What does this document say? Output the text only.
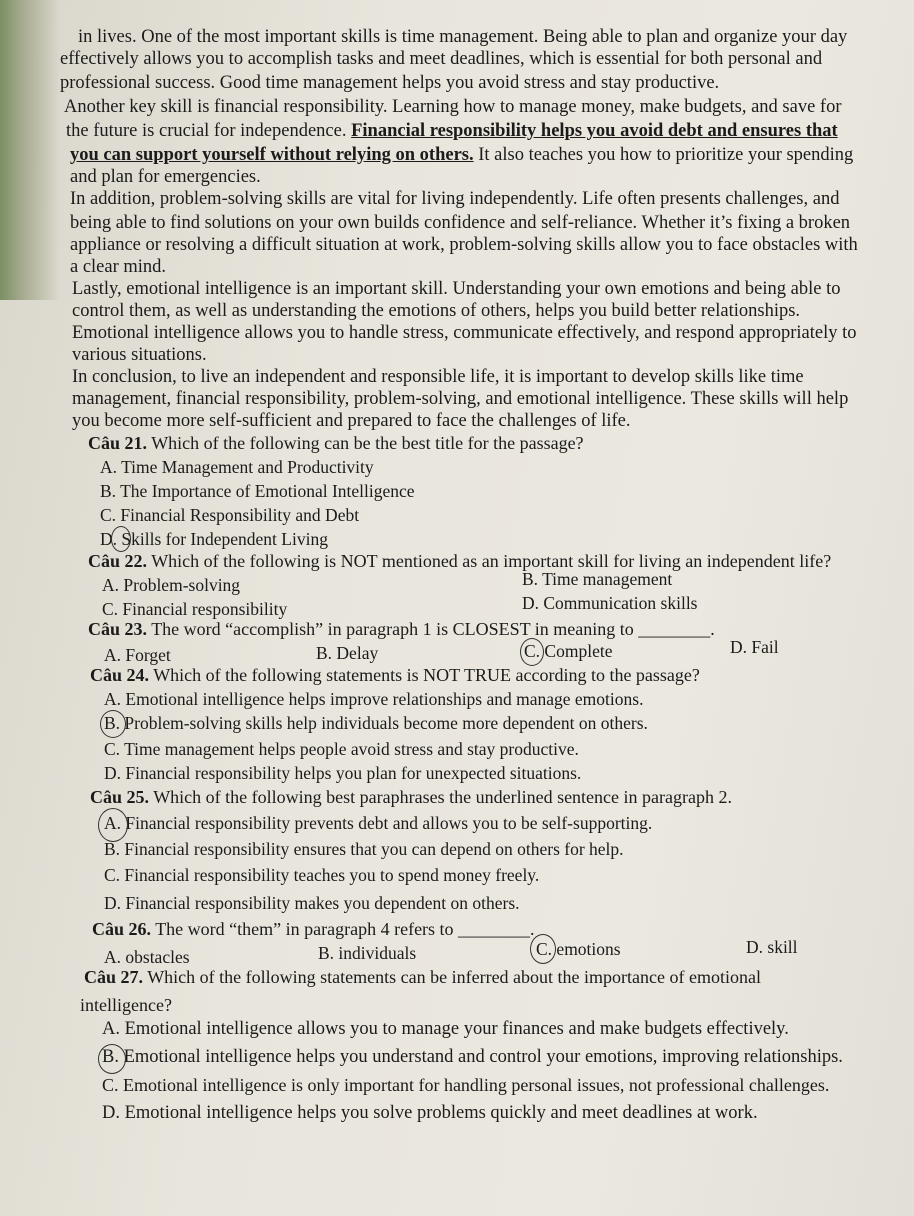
in lives. One of the most important skills is time management. Being able to plan and organize your day
effectively allows you to accomplish tasks and meet deadlines, which is essential for both personal and
professional success. Good time management helps you avoid stress and stay productive.
Another key skill is financial responsibility. Learning how to manage money, make budgets, and save for
the future is crucial for independence. Financial responsibility helps you avoid debt and ensures that
you can support yourself without relying on others. It also teaches you how to prioritize your spending
and plan for emergencies.
In addition, problem-solving skills are vital for living independently. Life often presents challenges, and
being able to find solutions on your own builds confidence and self-reliance. Whether it’s fixing a broken
appliance or resolving a difficult situation at work, problem-solving skills allow you to face obstacles with
a clear mind.
Lastly, emotional intelligence is an important skill. Understanding your own emotions and being able to
control them, as well as understanding the emotions of others, helps you build better relationships.
Emotional intelligence allows you to handle stress, communicate effectively, and respond appropriately to
various situations.
In conclusion, to live an independent and responsible life, it is important to develop skills like time
management, financial responsibility, problem-solving, and emotional intelligence. These skills will help
you become more self-sufficient and prepared to face the challenges of life.
Câu 21. Which of the following can be the best title for the passage?
A. Time Management and Productivity
B. The Importance of Emotional Intelligence
C. Financial Responsibility and Debt
D. Skills for Independent Living
Câu 22. Which of the following is NOT mentioned as an important skill for living an independent life?
A. Problem-solving	B. Time management
C. Financial responsibility	D. Communication skills
Câu 23. The word “accomplish” in paragraph 1 is CLOSEST in meaning to ________.
A. Forget	B. Delay	C. Complete	D. Fail
Câu 24. Which of the following statements is NOT TRUE according to the passage?
A. Emotional intelligence helps improve relationships and manage emotions.
B. Problem-solving skills help individuals become more dependent on others.
C. Time management helps people avoid stress and stay productive.
D. Financial responsibility helps you plan for unexpected situations.
Câu 25. Which of the following best paraphrases the underlined sentence in paragraph 2.
A. Financial responsibility prevents debt and allows you to be self-supporting.
B. Financial responsibility ensures that you can depend on others for help.
C. Financial responsibility teaches you to spend money freely.
D. Financial responsibility makes you dependent on others.
Câu 26. The word “them” in paragraph 4 refers to ________.
A. obstacles	B. individuals	C. emotions	D. skill
Câu 27. Which of the following statements can be inferred about the importance of emotional
intelligence?
A. Emotional intelligence allows you to manage your finances and make budgets effectively.
B. Emotional intelligence helps you understand and control your emotions, improving relationships.
C. Emotional intelligence is only important for handling personal issues, not professional challenges.
D. Emotional intelligence helps you solve problems quickly and meet deadlines at work.
